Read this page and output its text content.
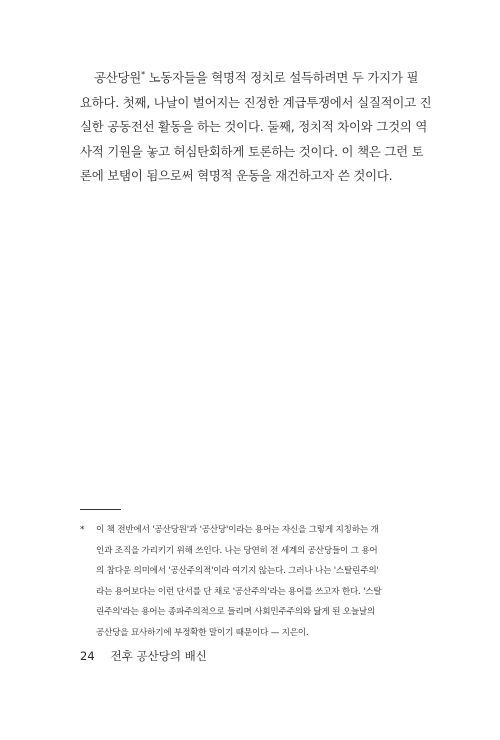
공산당원* 노동자들을 혁명적 정치로 설득하려면 두 가지가 필
요하다. 첫째, 나날이 벌어지는 진정한 계급투쟁에서 실질적이고 진
실한 공동전선 활동을 하는 것이다. 둘째, 정치적 차이와 그것의 역
사적 기원을 놓고 허심탄회하게 토론하는 것이다. 이 책은 그런 토
론에 보탬이 됨으로써 혁명적 운동을 재건하고자 쓴 것이다.
*	이 책 전반에서 '공산당원'과 '공산당'이라는 용어는 자신을 그렇게 지칭하는 개
인과 조직을 가리키기 위해 쓰인다. 나는 당연히 전 세계의 공산당들이 그 용어
의 참다운 의미에서 '공산주의적'이라 여기지 않는다. 그러나 나는 '스탈린주의'
라는 용어보다는 이런 단서를 단 채로 '공산주의'라는 용어를 쓰고자 한다. '스탈
린주의'라는 용어는 종파주의적으로 들리며 사회민주주의와 닮게 된 오늘날의
공산당을 묘사하기에 부정확한 말이기 때문이다 — 지은이.
24 전후 공산당의 배신
